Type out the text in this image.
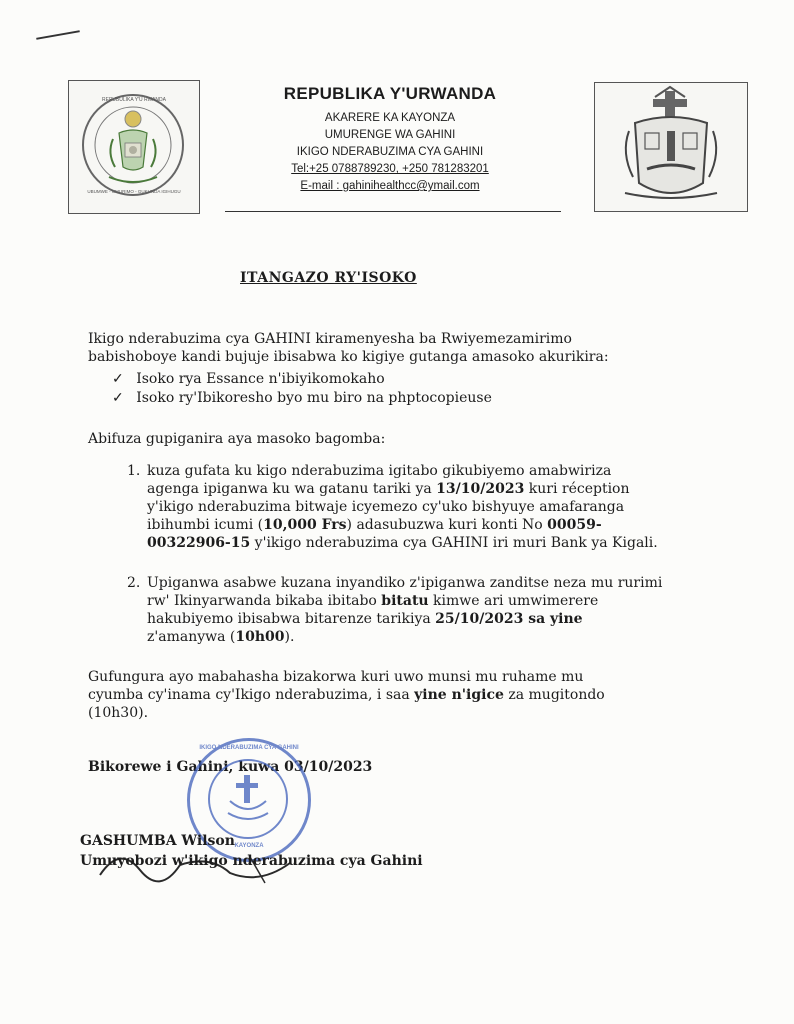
REPUBULIKA Y'U RWANDA
UBUMWE - UMURIMO - GUKUNDA IGIHUGU
REPUBLIKA Y'URWANDA
AKARERE KA KAYONZA
UMURENGE WA GAHINI
IKIGO NDERABUZIMA CYA GAHINI
Tel:+25 0788789230, +250 781283201
E-mail : gahinihealthcc@ymail.com
ITANGAZO RY'ISOKO
Ikigo nderabuzima cya GAHINI kiramenyesha ba Rwiyemezamirimo
babishoboye kandi bujuje ibisabwa ko kigiye gutanga amasoko akurikira:
✓ Isoko rya Essance n'ibiyikomokaho
✓ Isoko ry'Ibikoresho byo mu biro na phptocopieuse
Abifuza gupiganira aya masoko bagomba:
1. kuza gufata ku kigo nderabuzima igitabo gikubiyemo amabwiriza
agenga ipiganwa ku wa gatanu tariki ya 13/10/2023 kuri réception
y'ikigo nderabuzima bitwaje icyemezo cy'uko bishyuye amafaranga
ibihumbi icumi (10,000 Frs) adasubuzwa kuri konti No 00059-
00322906-15 y'ikigo nderabuzima cya GAHINI iri muri Bank ya Kigali.
2. Upiganwa asabwe kuzana inyandiko z'ipiganwa zanditse neza mu rurimi
rw' Ikinyarwanda bikaba ibitabo bitatu kimwe ari umwimerere
hakubiyemo ibisabwa bitarenze tarikiya 25/10/2023 sa yine
z'amanywa (10h00).
Gufungura ayo mabahasha bizakorwa kuri uwo munsi mu ruhame mu
cyumba cy'inama cy'Ikigo nderabuzima, i saa yine n'igice za mugitondo
(10h30).
Bikorewe i Gahini, kuwa 03/10/2023
IKIGO NDERABUZIMA CYA GAHINI
KAYONZA
GASHUMBA Wilson
Umuyobozi w'ikigo nderabuzima cya Gahini
